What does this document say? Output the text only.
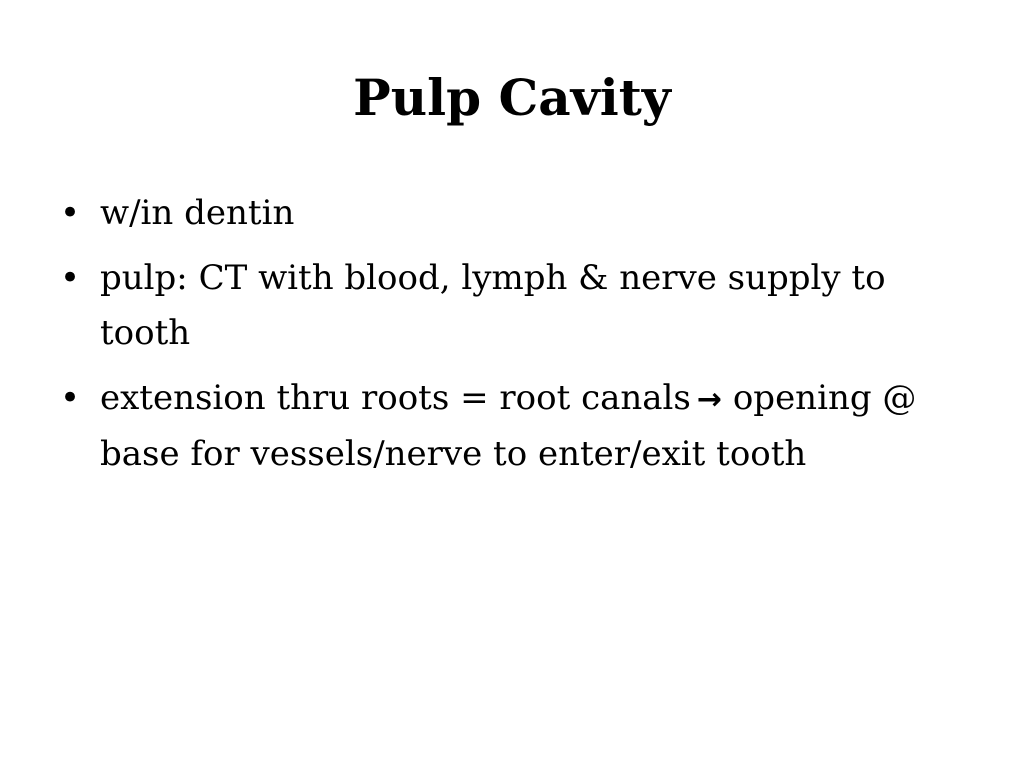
Pulp Cavity
• w/in dentin
• pulp: CT with blood, lymph & nerve supply to tooth
• extension thru roots = root canals → opening @ base for vessels/nerve to enter/exit tooth
